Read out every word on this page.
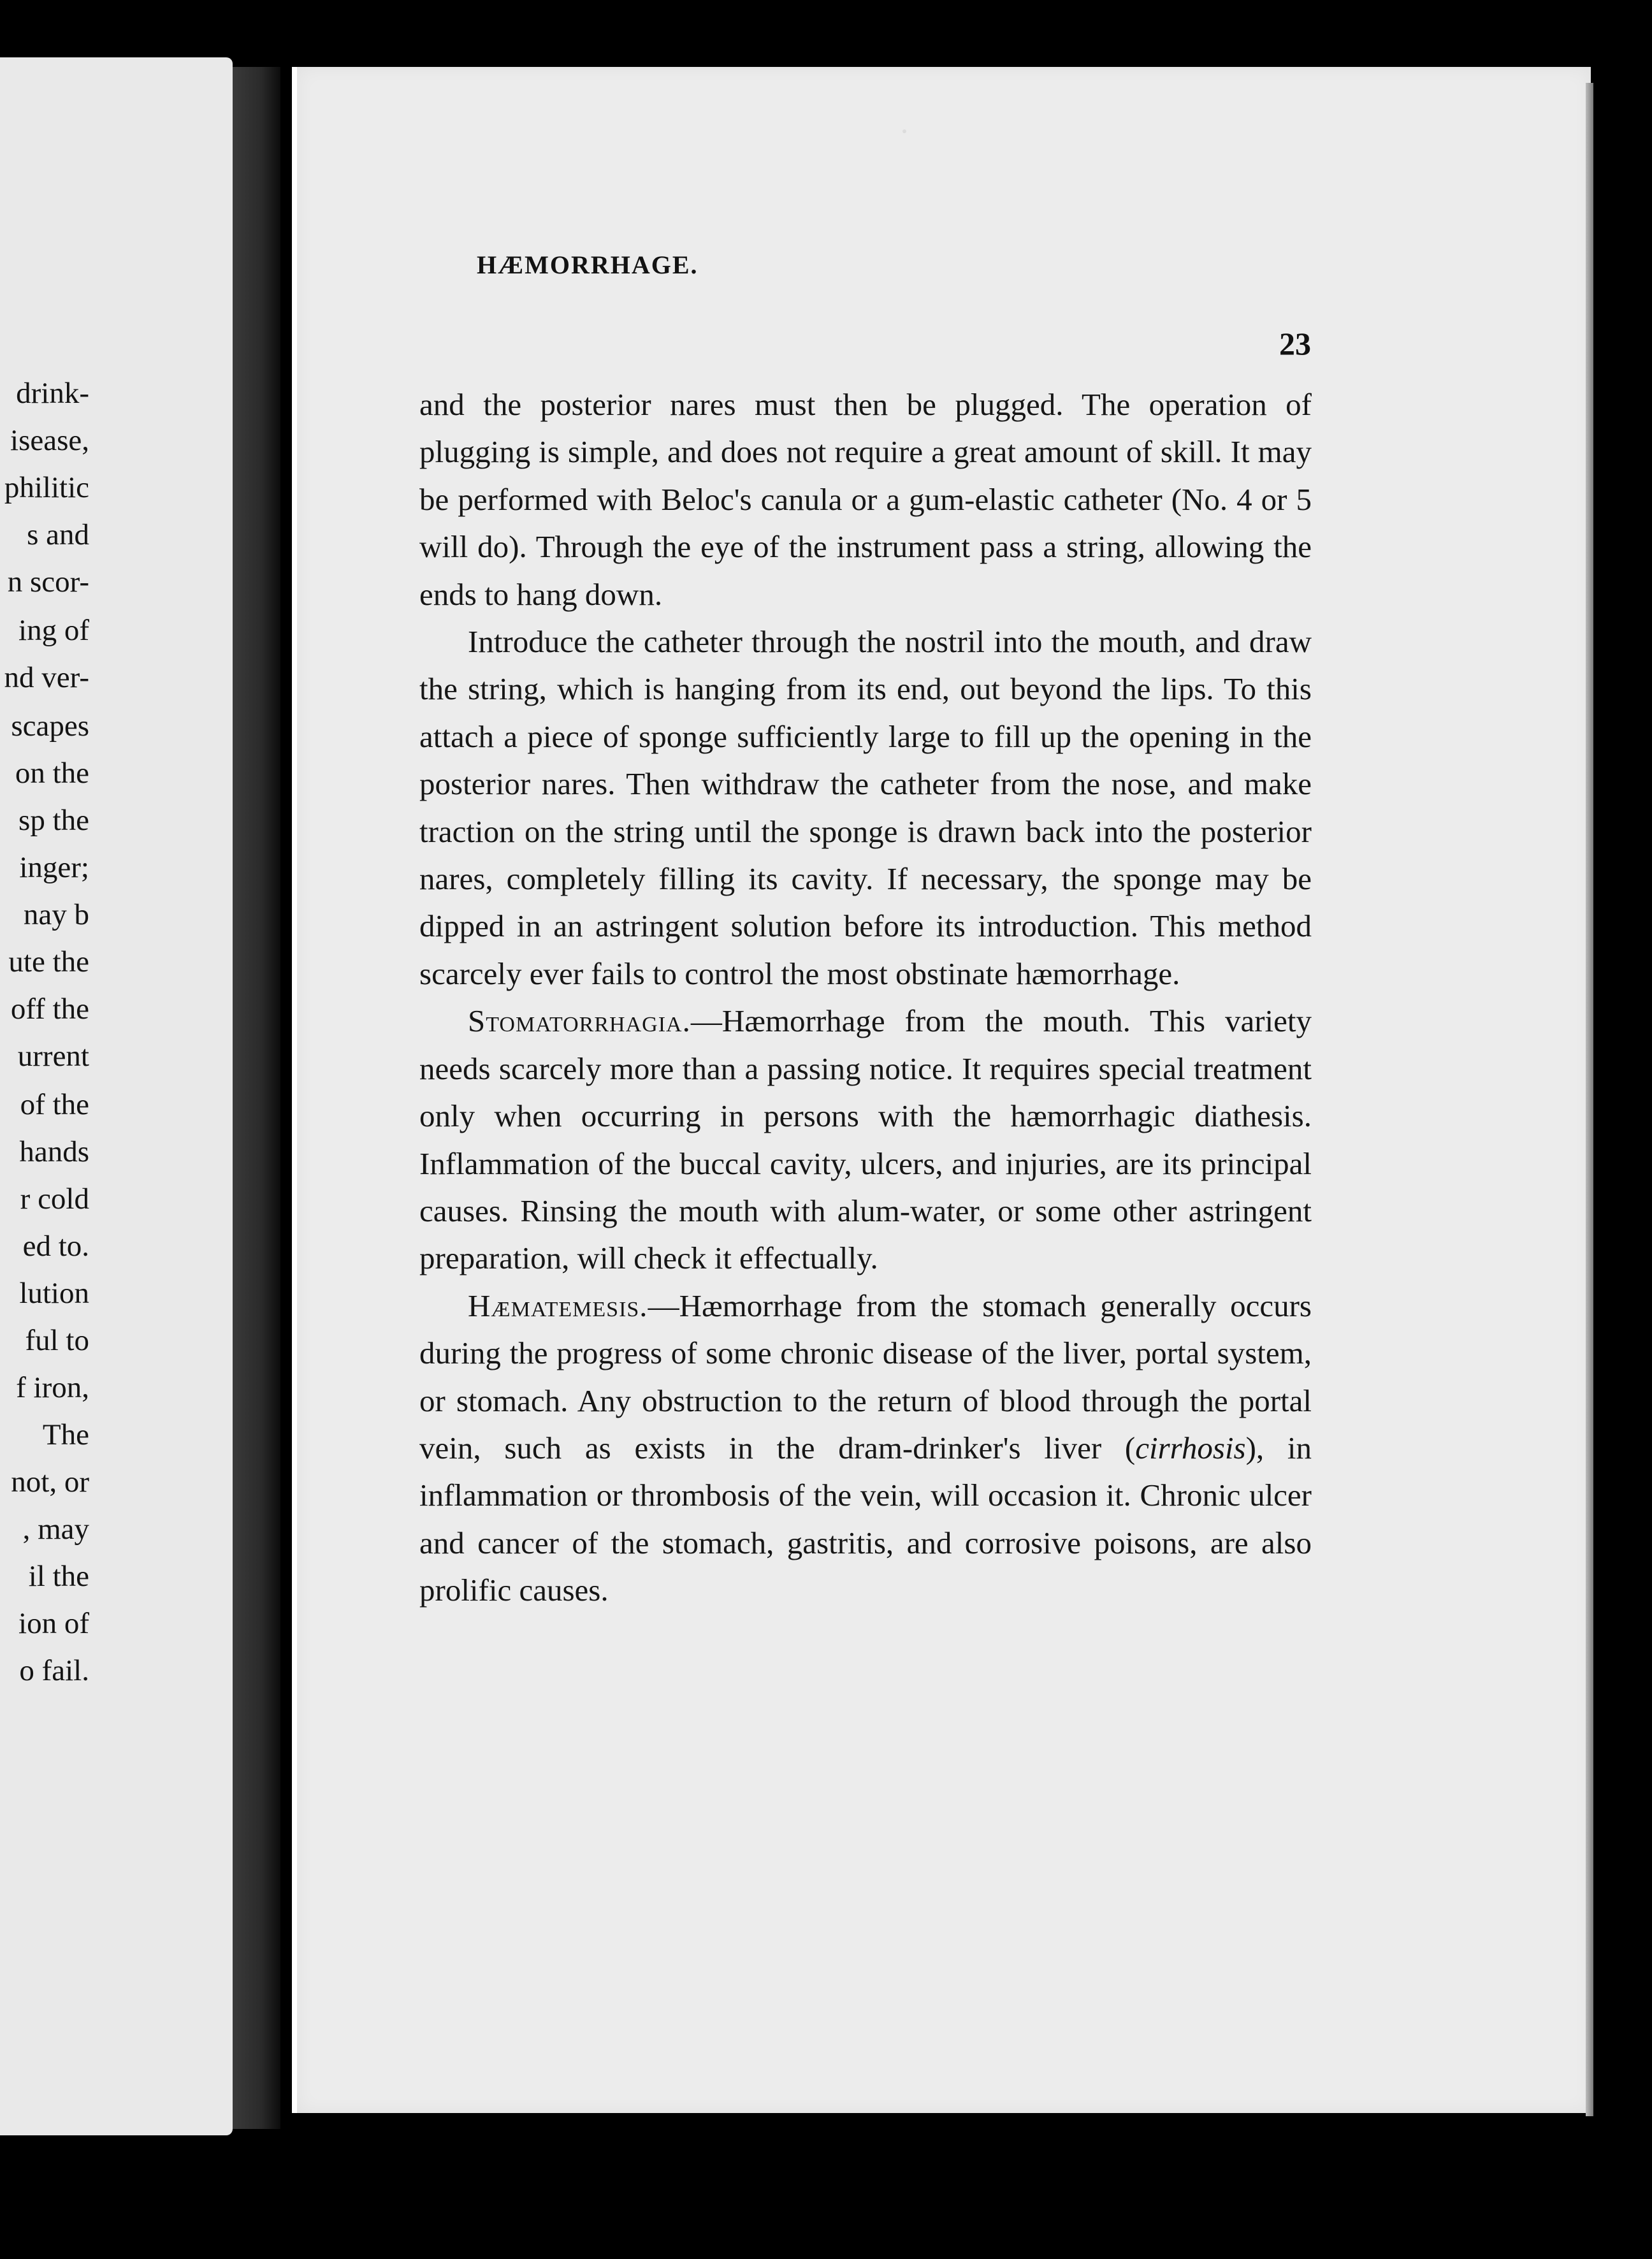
drink-
isease,
philitic
s and
n scor-
ing of
nd ver-
scapes
on the
sp the
inger;
nay b
ute the
off the
urrent
of the
hands
r cold
ed to.
lution
ful to
f iron,
The
not, or
, may
il the
ion of
o fail.
HÆMORRHAGE.
23

and the posterior nares must then be plugged. The operation of plugging is simple, and does not require a great amount of skill. It may be performed with Beloc's canula or a gum-elastic catheter (No. 4 or 5 will do). Through the eye of the instrument pass a string, allowing the ends to hang down.

Introduce the catheter through the nostril into the mouth, and draw the string, which is hanging from its end, out beyond the lips. To this attach a piece of sponge sufficiently large to fill up the opening in the posterior nares. Then withdraw the catheter from the nose, and make traction on the string until the sponge is drawn back into the posterior nares, completely filling its cavity. If necessary, the sponge may be dipped in an astringent solution before its introduction. This method scarcely ever fails to control the most obstinate hæmorrhage.

Stomatorrhagia.—Hæmorrhage from the mouth. This variety needs scarcely more than a passing notice. It requires special treatment only when occurring in persons with the hæmorrhagic diathesis. Inflammation of the buccal cavity, ulcers, and injuries, are its principal causes. Rinsing the mouth with alum-water, or some other astringent preparation, will check it effectually.

Hæmatemesis.—Hæmorrhage from the stomach generally occurs during the progress of some chronic disease of the liver, portal system, or stomach. Any obstruction to the return of blood through the portal vein, such as exists in the dram-drinker's liver (cirrhosis), in inflammation or thrombosis of the vein, will occasion it. Chronic ulcer and cancer of the stomach, gastritis, and corrosive poisons, are also prolific causes.
